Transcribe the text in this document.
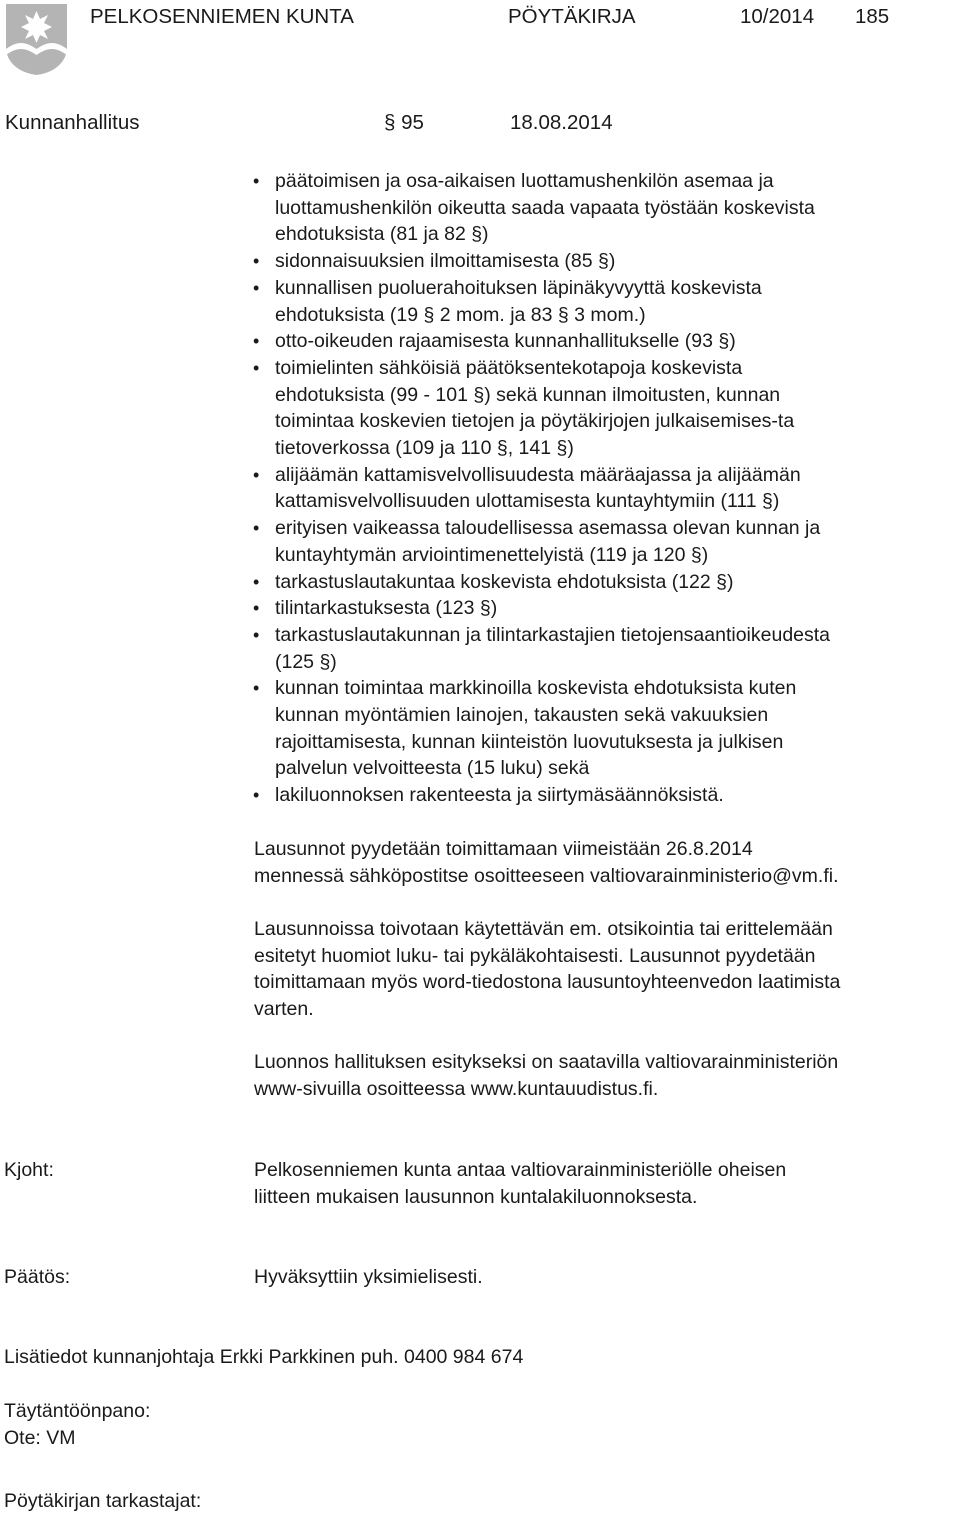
PELKOSENNIEMEN KUNTA	PÖYTÄKIRJA	10/2014 185
Kunnanhallitus	§ 95	18.08.2014
• päätoimisen ja osa-aikaisen luottamushenkilön asemaa ja
luottamushenkilön oikeutta saada vapaata työstään koskevista
ehdotuksista (81 ja 82 §)
• sidonnaisuuksien ilmoittamisesta (85 §)
• kunnallisen puoluerahoituksen läpinäkyvyyttä koskevista
ehdotuksista (19 § 2 mom. ja 83 § 3 mom.)
• otto-oikeuden rajaamisesta kunnanhallitukselle (93 §)
• toimielinten sähköisiä päätöksentekotapoja koskevista
ehdotuksista (99 - 101 §) sekä kunnan ilmoitusten, kunnan
toimintaa koskevien tietojen ja pöytäkirjojen julkaisemises-ta
tietoverkossa (109 ja 110 §, 141 §)
• alijäämän kattamisvelvollisuudesta määräajassa ja alijäämän
kattamisvelvollisuuden ulottamisesta kuntayhtymiin (111 §)
• erityisen vaikeassa taloudellisessa asemassa olevan kunnan ja
kuntayhtymän arviointimenettelyistä (119 ja 120 §)
• tarkastuslautakuntaa koskevista ehdotuksista (122 §)
• tilintarkastuksesta (123 §)
• tarkastuslautakunnan ja tilintarkastajien tietojensaantioikeudesta
(125 §)
• kunnan toimintaa markkinoilla koskevista ehdotuksista kuten
kunnan myöntämien lainojen, takausten sekä vakuuksien
rajoittamisesta, kunnan kiinteistön luovutuksesta ja julkisen
palvelun velvoitteesta (15 luku) sekä
• lakiluonnoksen rakenteesta ja siirtymäsäännöksistä.

Lausunnot pyydetään toimittamaan viimeistään 26.8.2014
mennessä sähköpostitse osoitteeseen valtiovarainministerio@vm.fi.

Lausunnoissa toivotaan käytettävän em. otsikointia tai erittelemään
esitetyt huomiot luku- tai pykäläkohtaisesti. Lausunnot pyydetään
toimittamaan myös word-tiedostona lausuntoyhteenvedon laatimista
varten.

Luonnos hallituksen esitykseksi on saatavilla valtiovarainministeriön
www-sivuilla osoitteessa www.kuntauudistus.fi.

Kjoht:	Pelkosenniemen kunta antaa valtiovarainministeriölle oheisen
liitteen mukaisen lausunnon kuntalakiluonnoksesta.

Päätös:	Hyväksyttiin yksimielisesti.

Lisätiedot kunnanjohtaja Erkki Parkkinen puh. 0400 984 674

Täytäntöönpano:
Ote: VM

Pöytäkirjan tarkastajat:
